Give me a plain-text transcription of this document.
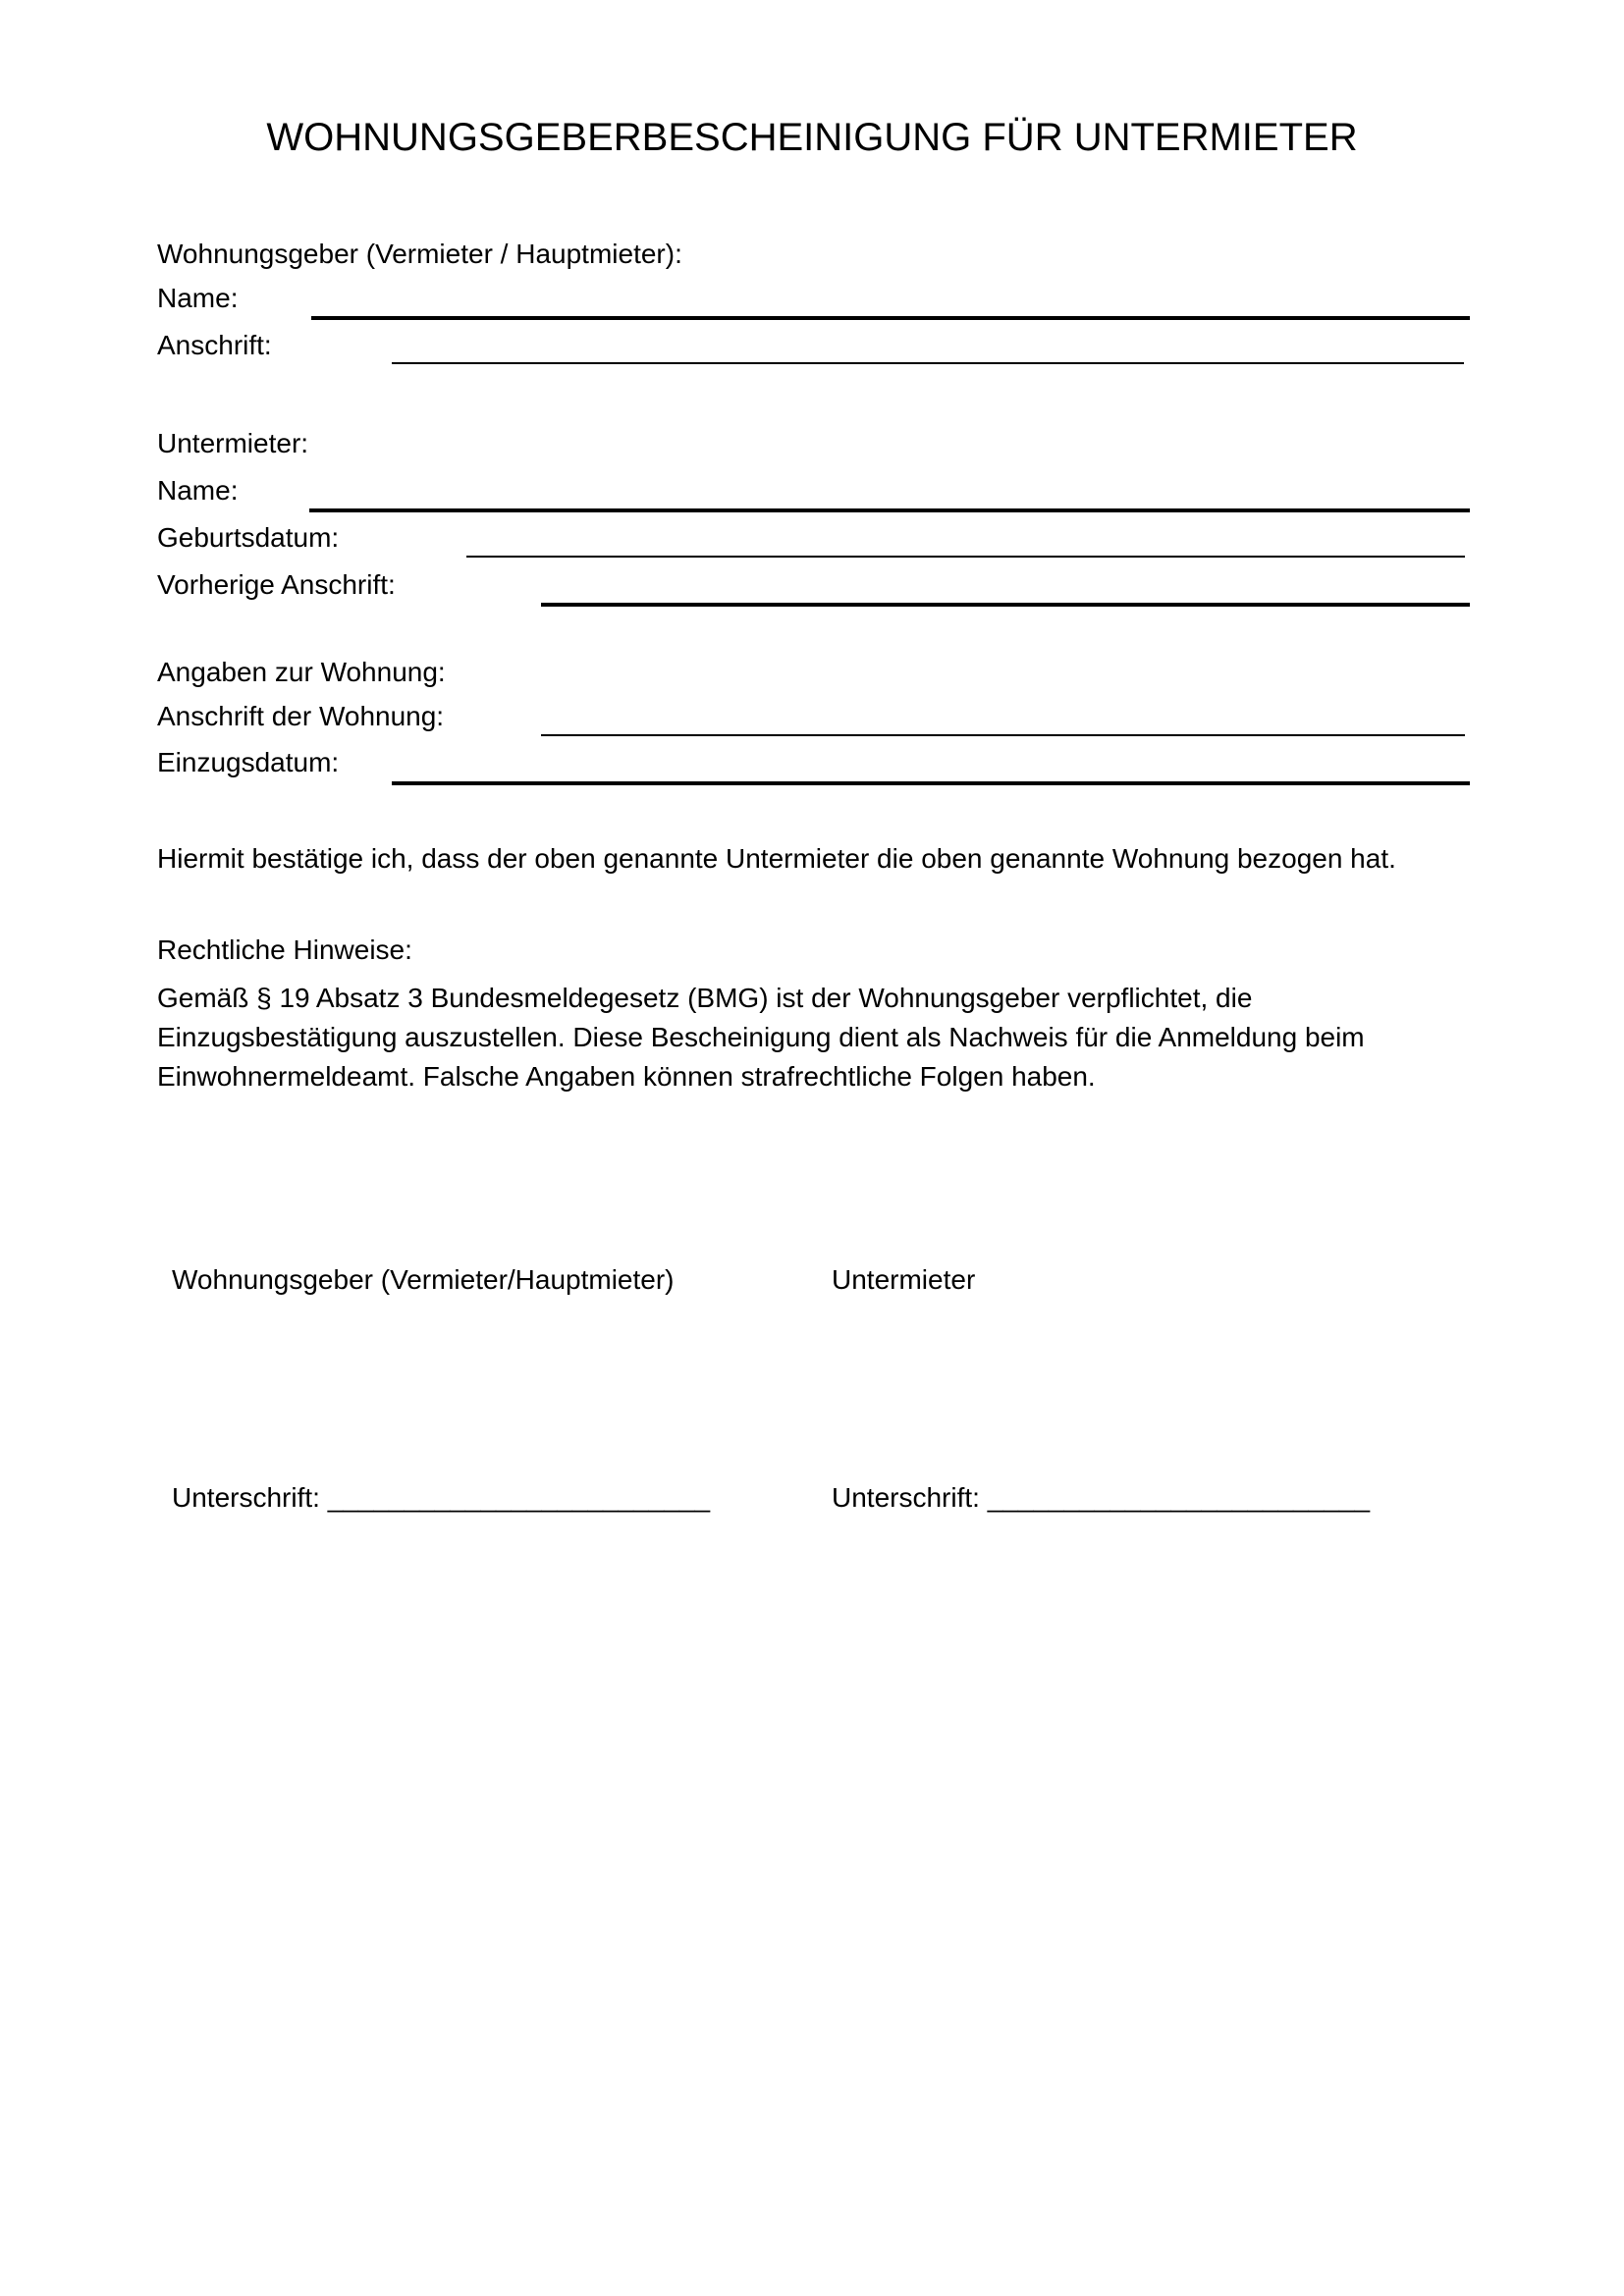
WOHNUNGSGEBERBESCHEINIGUNG FÜR UNTERMIETER
Wohnungsgeber (Vermieter / Hauptmieter):
Name:
Anschrift:
Untermieter:
Name:
Geburtsdatum:
Vorherige Anschrift:
Angaben zur Wohnung:
Anschrift der Wohnung:
Einzugsdatum:
Hiermit bestätige ich, dass der oben genannte Untermieter die oben genannte Wohnung bezogen hat.
Rechtliche Hinweise:
Gemäß § 19 Absatz 3 Bundesmeldegesetz (BMG) ist der Wohnungsgeber verpflichtet, die
Einzugsbestätigung auszustellen. Diese Bescheinigung dient als Nachweis für die Anmeldung beim
Einwohnermeldeamt. Falsche Angaben können strafrechtliche Folgen haben.
Wohnungsgeber (Vermieter/Hauptmieter)	Untermieter
Unterschrift: _________________________	Unterschrift: _________________________
